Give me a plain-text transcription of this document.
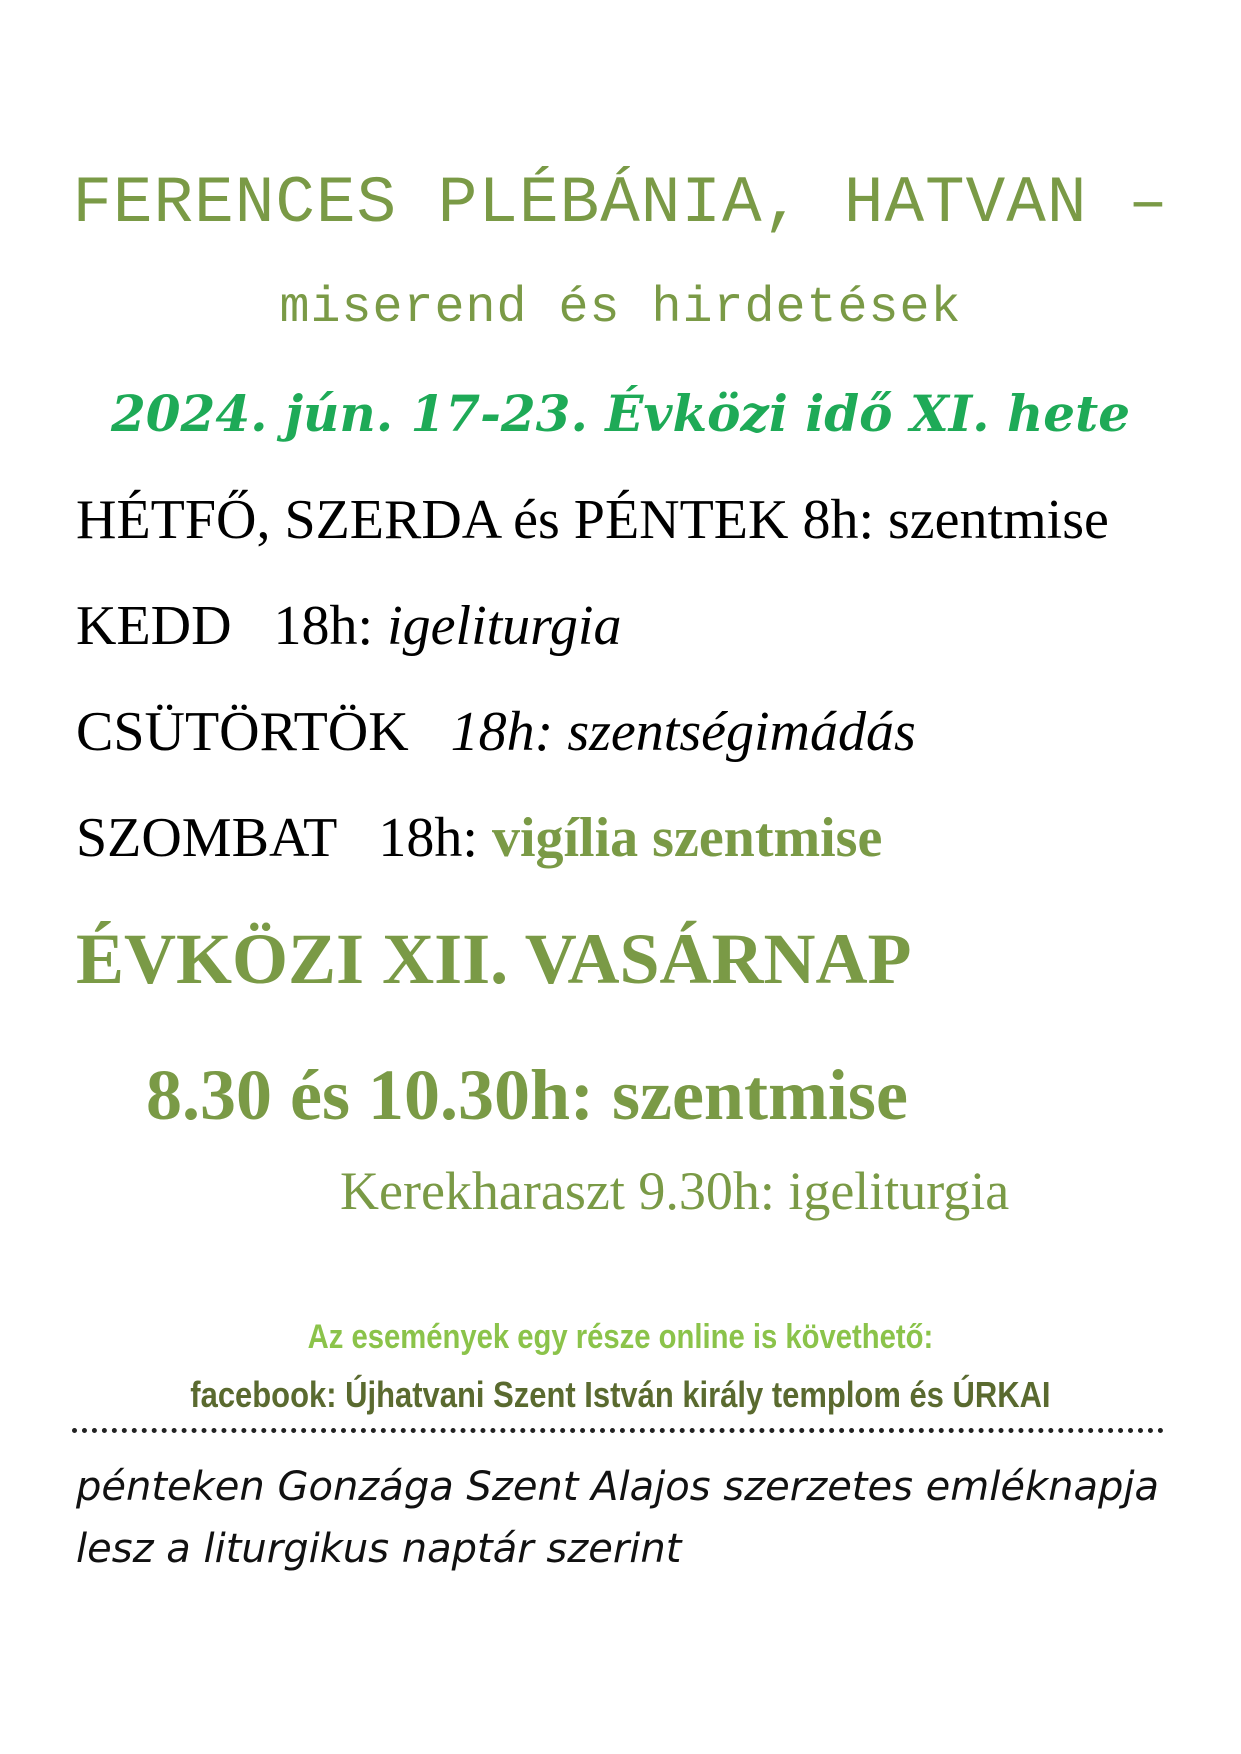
FERENCES PLÉBÁNIA, HATVAN –
miserend és hirdetések
2024. jún. 17-23. Évközi idő XI. hete
HÉTFŐ, SZERDA és PÉNTEK 8h: szentmise
KEDD 18h: igeliturgia
CSÜTÖRTÖK 18h: szentségimádás
SZOMBAT 18h: vigília szentmise
ÉVKÖZI XII. VASÁRNAP
8.30 és 10.30h: szentmise
Kerekharaszt 9.30h: igeliturgia
Az események egy része online is követhető:
facebook: Újhatvani Szent István király templom és ÚRKAI
pénteken Gonzága Szent Alajos szerzetes emléknapja
lesz a liturgikus naptár szerint
